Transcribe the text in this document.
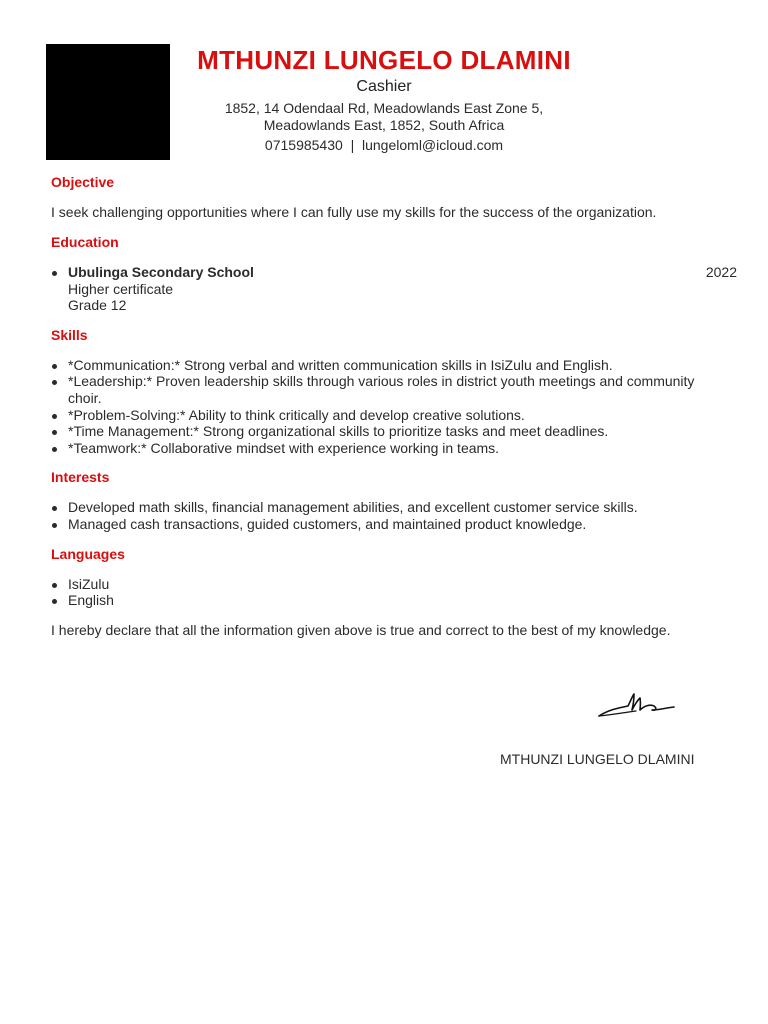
MTHUNZI LUNGELO DLAMINI
Cashier
1852, 14 Odendaal Rd, Meadowlands East Zone 5,
Meadowlands East, 1852, South Africa
0715985430 | lungeloml@icloud.com
Objective
I seek challenging opportunities where I can fully use my skills for the success of the organization.
Education
Ubulinga Secondary School	2022
Higher certificate
Grade 12
Skills
*Communication:* Strong verbal and written communication skills in IsiZulu and English.
*Leadership:* Proven leadership skills through various roles in district youth meetings and community choir.
*Problem-Solving:* Ability to think critically and develop creative solutions.
*Time Management:* Strong organizational skills to prioritize tasks and meet deadlines.
*Teamwork:* Collaborative mindset with experience working in teams.
Interests
Developed math skills, financial management abilities, and excellent customer service skills.
Managed cash transactions, guided customers, and maintained product knowledge.
Languages
IsiZulu
English
I hereby declare that all the information given above is true and correct to the best of my knowledge.
MTHUNZI LUNGELO DLAMINI
